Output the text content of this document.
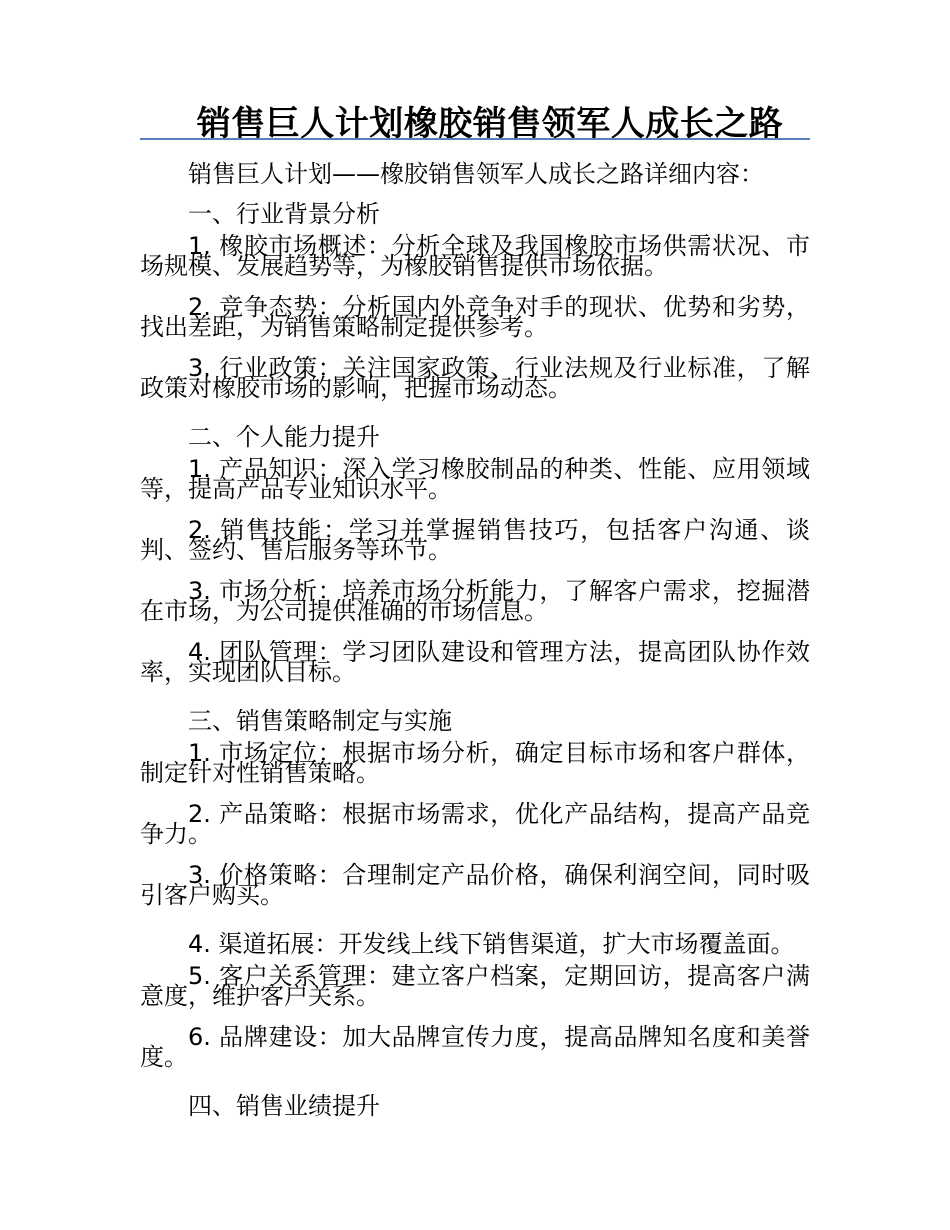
销售巨人计划橡胶销售领军人成长之路

销售巨人计划——橡胶销售领军人成长之路详细内容：

一、行业背景分析

1. 橡胶市场概述：分析全球及我国橡胶市场供需状况、市场规模、发展趋势等，为橡胶销售提供市场依据。

2. 竞争态势：分析国内外竞争对手的现状、优势和劣势，找出差距，为销售策略制定提供参考。

3. 行业政策：关注国家政策、行业法规及行业标准，了解政策对橡胶市场的影响，把握市场动态。

二、个人能力提升

1. 产品知识：深入学习橡胶制品的种类、性能、应用领域等，提高产品专业知识水平。

2. 销售技能：学习并掌握销售技巧，包括客户沟通、谈判、签约、售后服务等环节。

3. 市场分析：培养市场分析能力，了解客户需求，挖掘潜在市场，为公司提供准确的市场信息。

4. 团队管理：学习团队建设和管理方法，提高团队协作效率，实现团队目标。

三、销售策略制定与实施

1. 市场定位：根据市场分析，确定目标市场和客户群体，制定针对性销售策略。

2. 产品策略：根据市场需求，优化产品结构，提高产品竞争力。

3. 价格策略：合理制定产品价格，确保利润空间，同时吸引客户购买。

4. 渠道拓展：开发线上线下销售渠道，扩大市场覆盖面。

5. 客户关系管理：建立客户档案，定期回访，提高客户满意度，维护客户关系。

6. 品牌建设：加大品牌宣传力度，提高品牌知名度和美誉度。

四、销售业绩提升
